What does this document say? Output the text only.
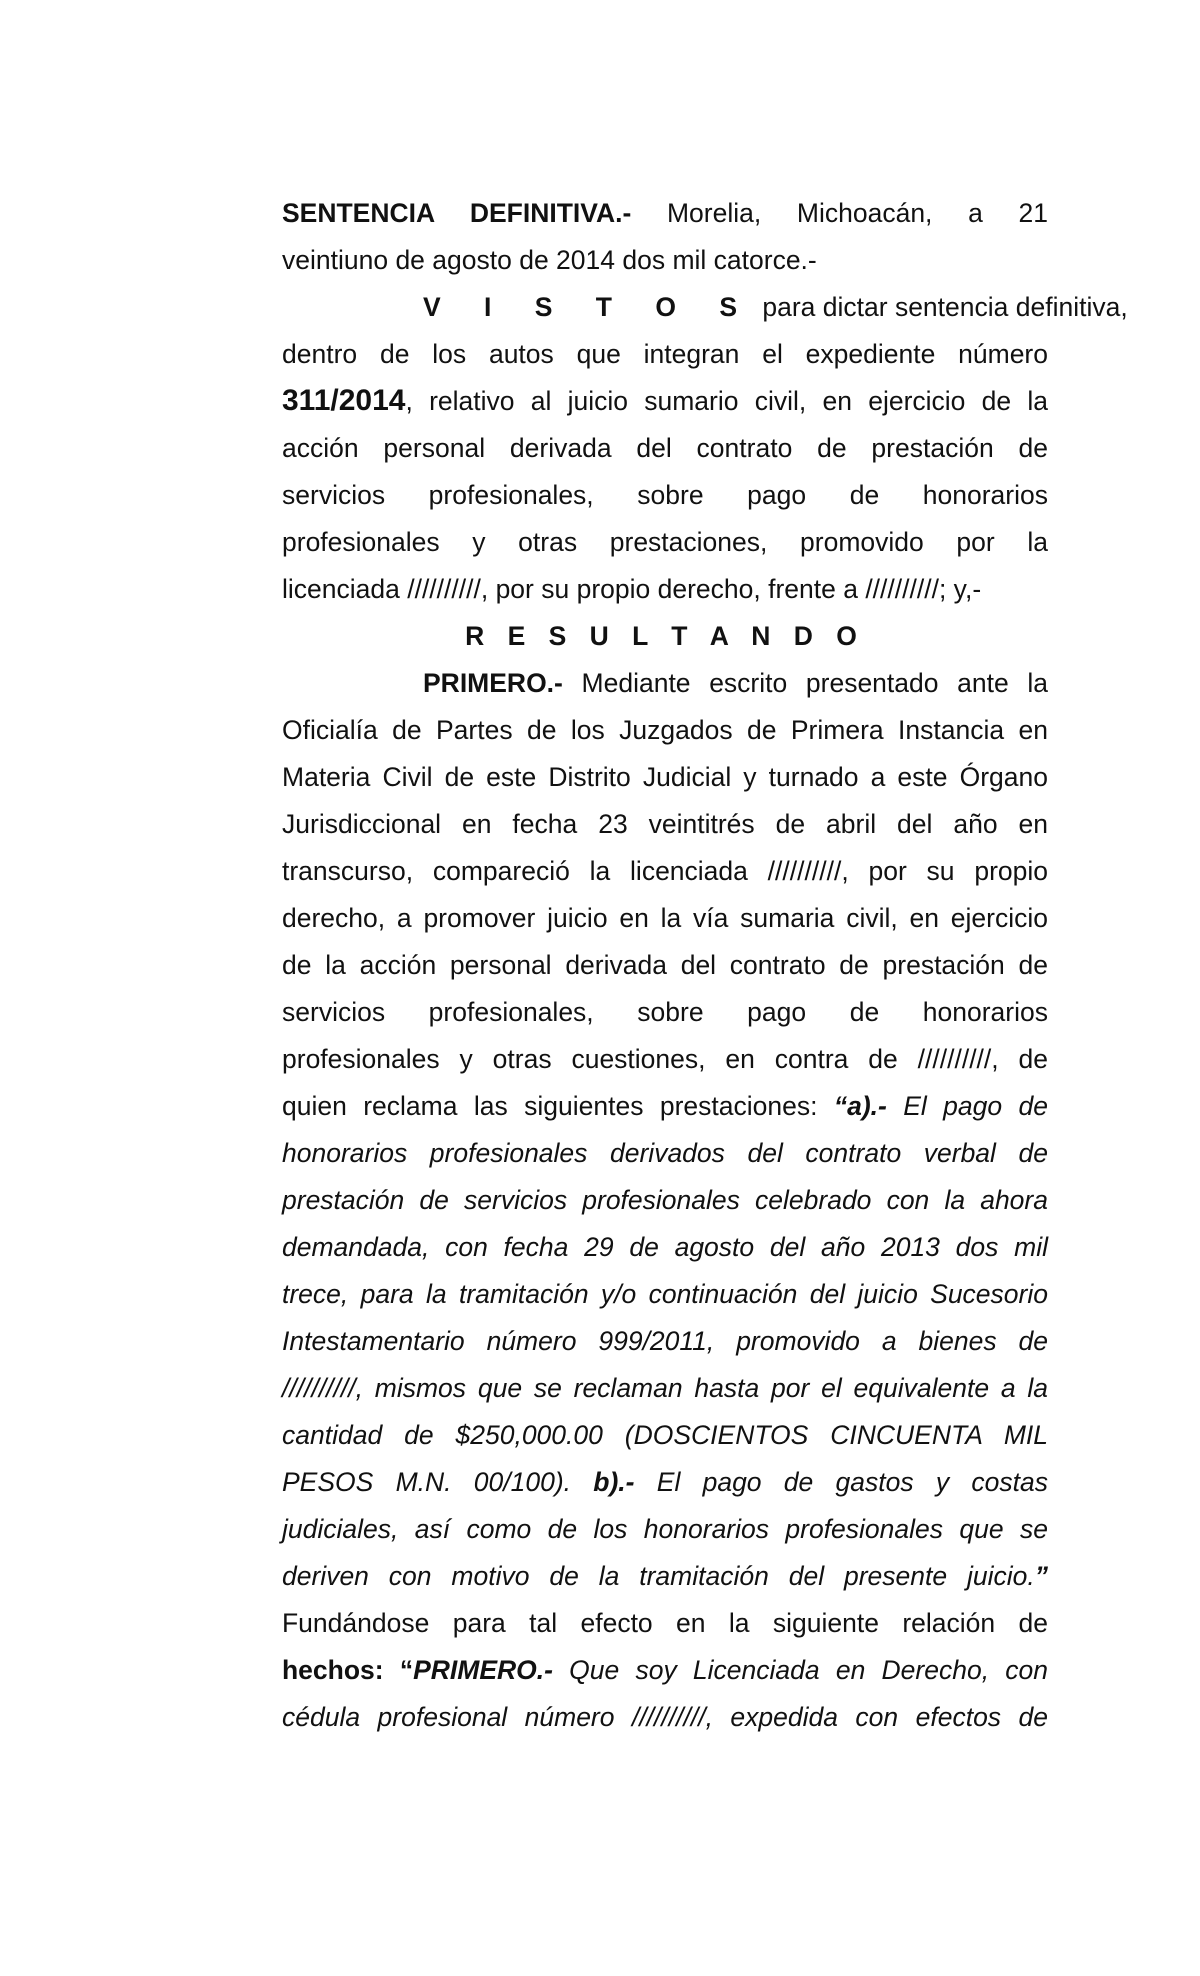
SENTENCIA DEFINITIVA.- Morelia, Michoacán, a 21
veintiuno de agosto de 2014 dos mil catorce.-
V I S T O S para dictar sentencia definitiva,
dentro de los autos que integran el expediente número
311/2014, relativo al juicio sumario civil, en ejercicio de la
acción personal derivada del contrato de prestación de
servicios profesionales, sobre pago de honorarios
profesionales y otras prestaciones, promovido por la
licenciada //////////, por su propio derecho, frente a //////////; y,-
R E S U L T A N D O
PRIMERO.- Mediante escrito presentado ante la
Oficialía de Partes de los Juzgados de Primera Instancia en
Materia Civil de este Distrito Judicial y turnado a este Órgano
Jurisdiccional en fecha 23 veintitrés de abril del año en
transcurso, compareció la licenciada //////////, por su propio
derecho, a promover juicio en la vía sumaria civil, en ejercicio
de la acción personal derivada del contrato de prestación de
servicios profesionales, sobre pago de honorarios
profesionales y otras cuestiones, en contra de //////////, de
quien reclama las siguientes prestaciones: “a).- El pago de
honorarios profesionales derivados del contrato verbal de
prestación de servicios profesionales celebrado con la ahora
demandada, con fecha 29 de agosto del año 2013 dos mil
trece, para la tramitación y/o continuación del juicio Sucesorio
Intestamentario número 999/2011, promovido a bienes de
//////////, mismos que se reclaman hasta por el equivalente a la
cantidad de $250,000.00 (DOSCIENTOS CINCUENTA MIL
PESOS M.N. 00/100). b).- El pago de gastos y costas
judiciales, así como de los honorarios profesionales que se
deriven con motivo de la tramitación del presente juicio.”
Fundándose para tal efecto en la siguiente relación de
hechos: “PRIMERO.- Que soy Licenciada en Derecho, con
cédula profesional número //////////, expedida con efectos de
